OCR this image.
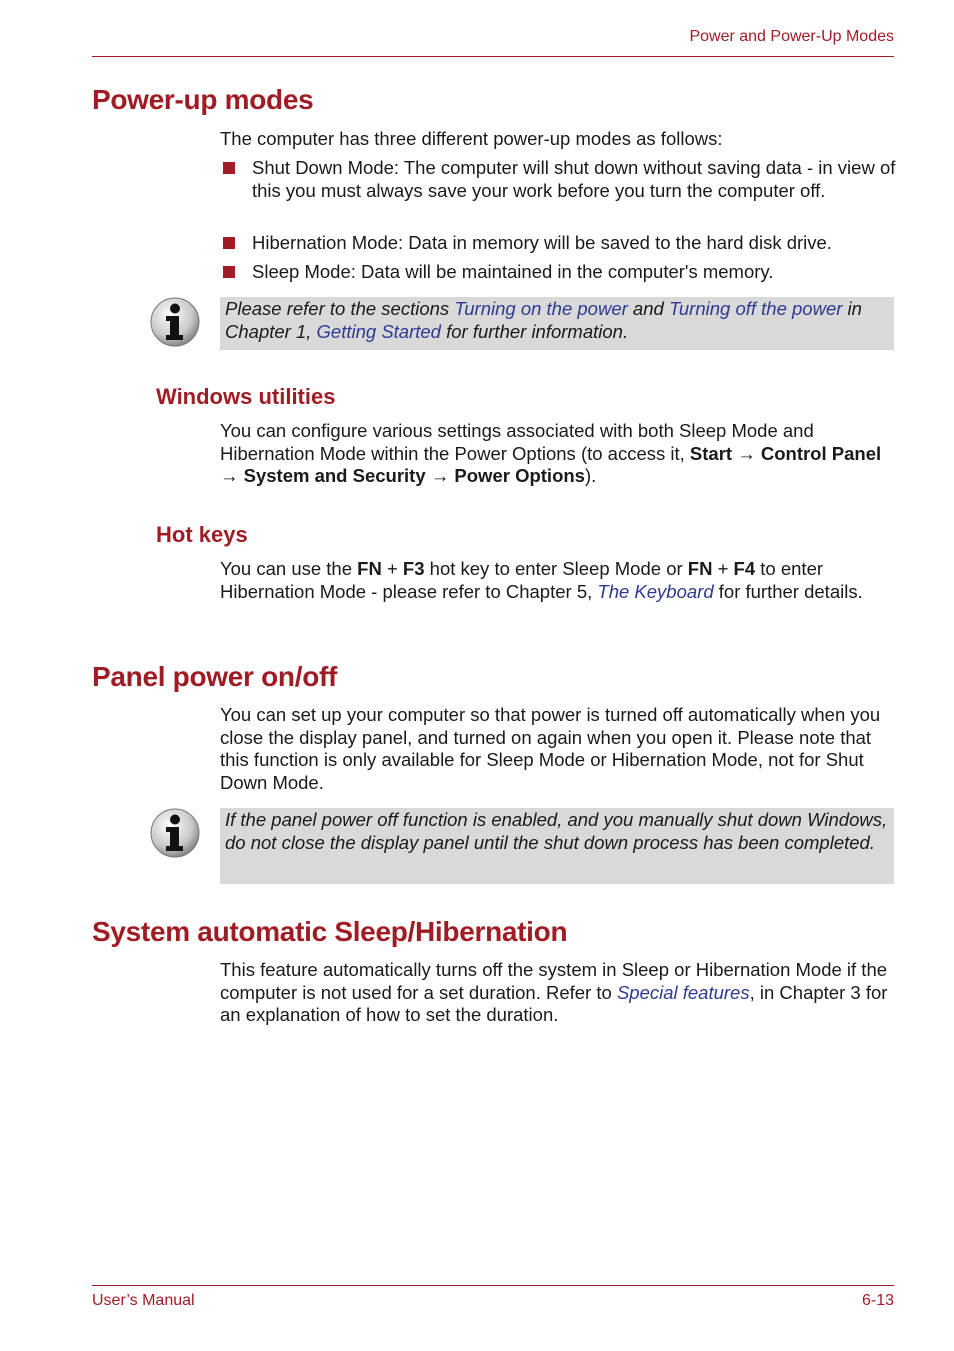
Power and Power-Up Modes
Power-up modes
The computer has three different power-up modes as follows:
Shut Down Mode: The computer will shut down without saving data - in view of this you must always save your work before you turn the computer off.
Hibernation Mode: Data in memory will be saved to the hard disk drive.
Sleep Mode: Data will be maintained in the computer's memory.
Please refer to the sections Turning on the power and Turning off the power in Chapter 1, Getting Started for further information.
Windows utilities
You can configure various settings associated with both Sleep Mode and Hibernation Mode within the Power Options (to access it, Start → Control Panel → System and Security → Power Options).
Hot keys
You can use the FN + F3 hot key to enter Sleep Mode or FN + F4 to enter Hibernation Mode - please refer to Chapter 5, The Keyboard for further details.
Panel power on/off
You can set up your computer so that power is turned off automatically when you close the display panel, and turned on again when you open it. Please note that this function is only available for Sleep Mode or Hibernation Mode, not for Shut Down Mode.
If the panel power off function is enabled, and you manually shut down Windows, do not close the display panel until the shut down process has been completed.
System automatic Sleep/Hibernation
This feature automatically turns off the system in Sleep or Hibernation Mode if the computer is not used for a set duration. Refer to Special features, in Chapter 3 for an explanation of how to set the duration.
User’s Manual	6-13
